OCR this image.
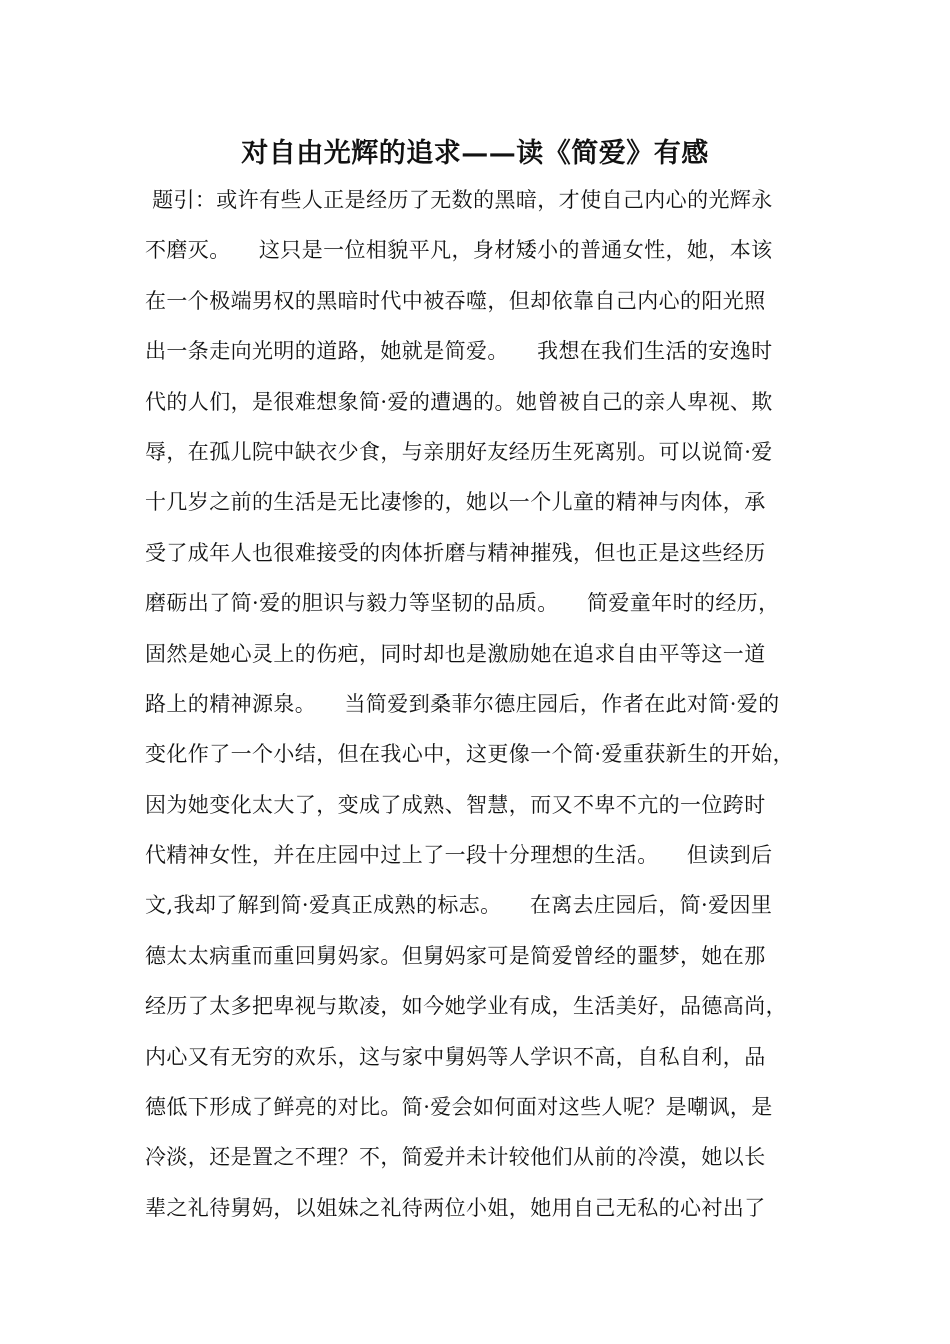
对自由光辉的追求——读《简爱》有感
题引：或许有些人正是经历了无数的黑暗，才使自己内心的光辉永
不磨灭。    这只是一位相貌平凡，身材矮小的普通女性，她，本该
在一个极端男权的黑暗时代中被吞噬，但却依靠自己内心的阳光照
出一条走向光明的道路，她就是简爱。    我想在我们生活的安逸时
代的人们，是很难想象简·爱的遭遇的。她曾被自己的亲人卑视、欺
辱，在孤儿院中缺衣少食，与亲朋好友经历生死离别。可以说简·爱
十几岁之前的生活是无比凄惨的，她以一个儿童的精神与肉体，承
受了成年人也很难接受的肉体折磨与精神摧残，但也正是这些经历
磨砺出了简·爱的胆识与毅力等坚韧的品质。    简爱童年时的经历，
固然是她心灵上的伤疤，同时却也是激励她在追求自由平等这一道
路上的精神源泉。    当简爱到桑菲尔德庄园后，作者在此对简·爱的
变化作了一个小结，但在我心中，这更像一个简·爱重获新生的开始，
因为她变化太大了，变成了成熟、智慧，而又不卑不亢的一位跨时
代精神女性，并在庄园中过上了一段十分理想的生活。    但读到后
文,我却了解到简·爱真正成熟的标志。    在离去庄园后，简·爱因里
德太太病重而重回舅妈家。但舅妈家可是简爱曾经的噩梦，她在那
经历了太多把卑视与欺凌，如今她学业有成，生活美好，品德高尚，
内心又有无穷的欢乐，这与家中舅妈等人学识不高，自私自利，品
德低下形成了鲜亮的对比。简·爱会如何面对这些人呢？是嘲讽，是
冷淡，还是置之不理？不，简爱并未计较他们从前的冷漠，她以长
辈之礼待舅妈，以姐妹之礼待两位小姐，她用自己无私的心衬出了
